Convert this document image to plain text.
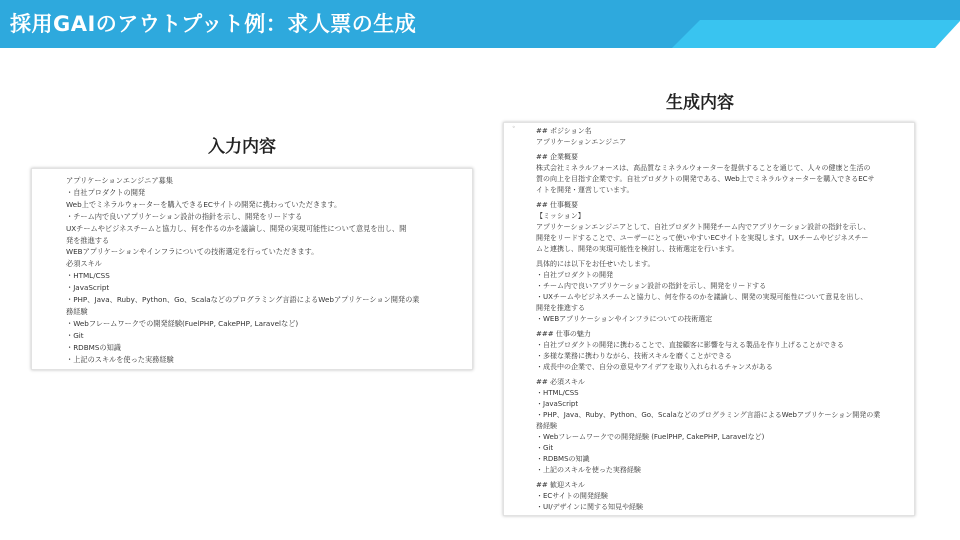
採用GAIのアウトプット例：求人票の生成
入力内容
生成内容
アプリケーションエンジニア募集
・自社プロダクトの開発
Web上でミネラルウォーターを購入できるECサイトの開発に携わっていただきます。
・チーム内で良いアプリケーション設計の指針を示し、開発をリードする
UXチームやビジネスチームと協力し、何を作るのかを議論し、開発の実現可能性について意見を出し、開
発を推進する
WEBアプリケーションやインフラについての技術選定を行っていただきます。
必須スキル
・HTML/CSS
・JavaScript
・PHP、Java、Ruby、Python、Go、Scalaなどのプログラミング言語によるWebアプリケーション開発の業
務経験
・Webフレームワークでの開発経験(FuelPHP, CakePHP, Laravelなど)
・Git
・RDBMSの知識
・上記のスキルを使った実務経験
◦	## ポジション名
アプリケーションエンジニア
## 企業概要
株式会社ミネラルフォースは、高品質なミネラルウォーターを提供することを通じて、人々の健康と生活の
質の向上を目指す企業です。自社プロダクトの開発である、Web上でミネラルウォーターを購入できるECサ
イトを開発・運営しています。
## 仕事概要
【ミッション】
アプリケーションエンジニアとして、自社プロダクト開発チーム内でアプリケーション設計の指針を示し、
開発をリードすることで、ユーザーにとって使いやすいECサイトを実現します。UXチームやビジネスチー
ムと連携し、開発の実現可能性を検討し、技術選定を行います。
具体的には以下をお任せいたします。
・自社プロダクトの開発
・チーム内で良いアプリケーション設計の指針を示し、開発をリードする
・UXチームやビジネスチームと協力し、何を作るのかを議論し、開発の実現可能性について意見を出し、
開発を推進する
・WEBアプリケーションやインフラについての技術選定
### 仕事の魅力
・自社プロダクトの開発に携わることで、直接顧客に影響を与える製品を作り上げることができる
・多様な業務に携わりながら、技術スキルを磨くことができる
・成長中の企業で、自分の意見やアイデアを取り入れられるチャンスがある
## 必須スキル
・HTML/CSS
・JavaScript
・PHP、Java、Ruby、Python、Go、Scalaなどのプログラミング言語によるWebアプリケーション開発の業
務経験
・Webフレームワークでの開発経験 (FuelPHP, CakePHP, Laravelなど)
・Git
・RDBMSの知識
・上記のスキルを使った実務経験
## 歓迎スキル
・ECサイトの開発経験
・UI/デザインに関する知見や経験
